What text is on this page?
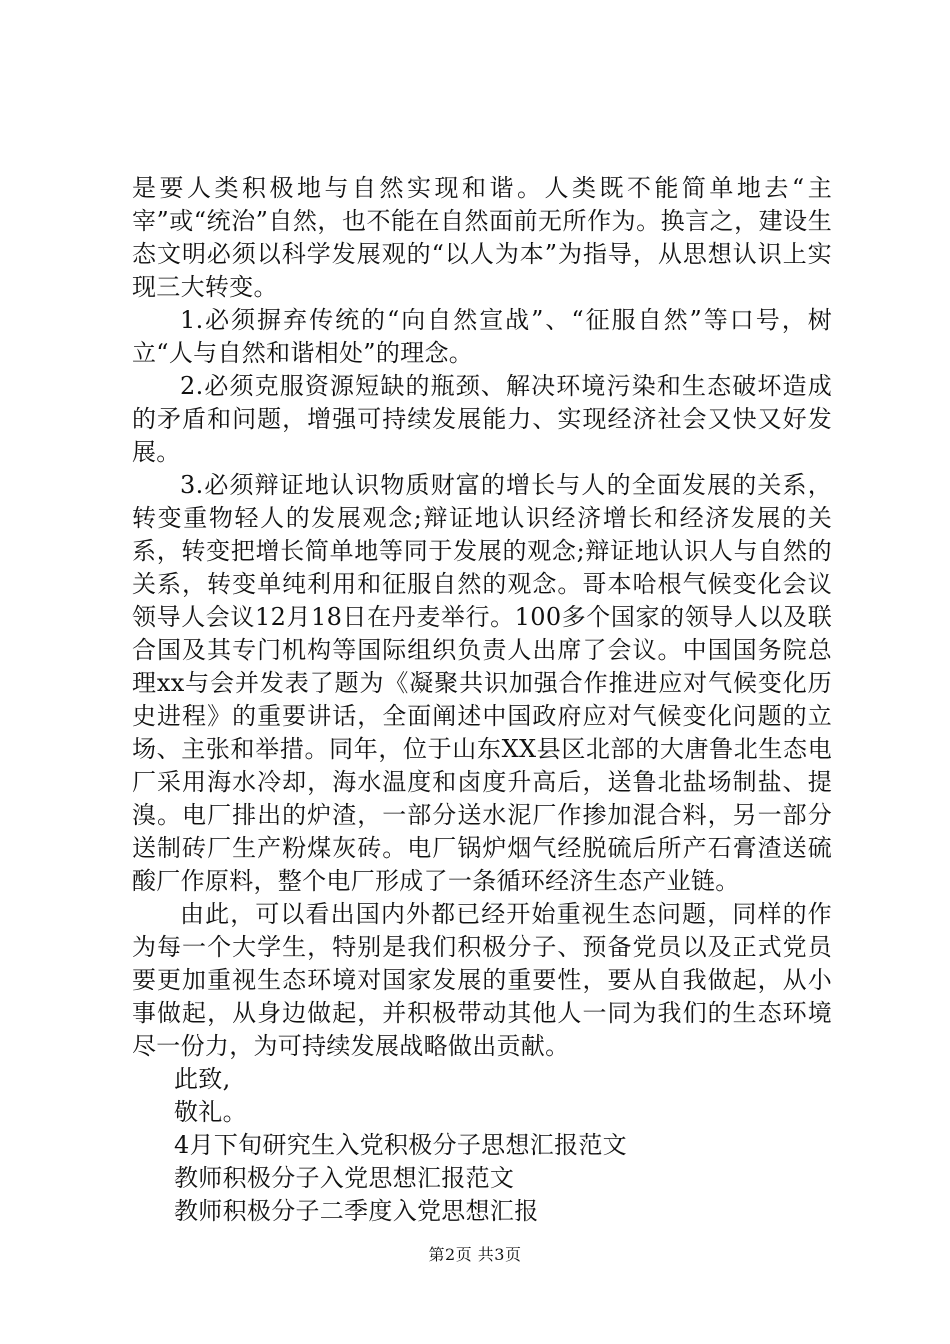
是要人类积极地与自然实现和谐。人类既不能简单地去“主宰”或“统治”自然，也不能在自然面前无所作为。换言之，建设生态文明必须以科学发展观的“以人为本”为指导，从思想认识上实现三大转变。

1.必须摒弃传统的“向自然宣战”、“征服自然”等口号，树立“人与自然和谐相处”的理念。

2.必须克服资源短缺的瓶颈、解决环境污染和生态破坏造成的矛盾和问题，增强可持续发展能力、实现经济社会又快又好发展。

3.必须辩证地认识物质财富的增长与人的全面发展的关系，转变重物轻人的发展观念;辩证地认识经济增长和经济发展的关系，转变把增长简单地等同于发展的观念;辩证地认识人与自然的关系，转变单纯利用和征服自然的观念。哥本哈根气候变化会议领导人会议12月18日在丹麦举行。100多个国家的领导人以及联合国及其专门机构等国际组织负责人出席了会议。中国国务院总理xx与会并发表了题为《凝聚共识加强合作推进应对气候变化历史进程》的重要讲话，全面阐述中国政府应对气候变化问题的立场、主张和举措。同年，位于山东XX县区北部的大唐鲁北生态电厂采用海水冷却，海水温度和卤度升高后，送鲁北盐场制盐、提溴。电厂排出的炉渣，一部分送水泥厂作掺加混合料，另一部分送制砖厂生产粉煤灰砖。电厂锅炉烟气经脱硫后所产石膏渣送硫酸厂作原料，整个电厂形成了一条循环经济生态产业链。

由此，可以看出国内外都已经开始重视生态问题，同样的作为每一个大学生，特别是我们积极分子、预备党员以及正式党员要更加重视生态环境对国家发展的重要性，要从自我做起，从小事做起，从身边做起，并积极带动其他人一同为我们的生态环境尽一份力，为可持续发展战略做出贡献。

此致,

敬礼。

4月下旬研究生入党积极分子思想汇报范文

教师积极分子入党思想汇报范文

教师积极分子二季度入党思想汇报

第2页 共3页
